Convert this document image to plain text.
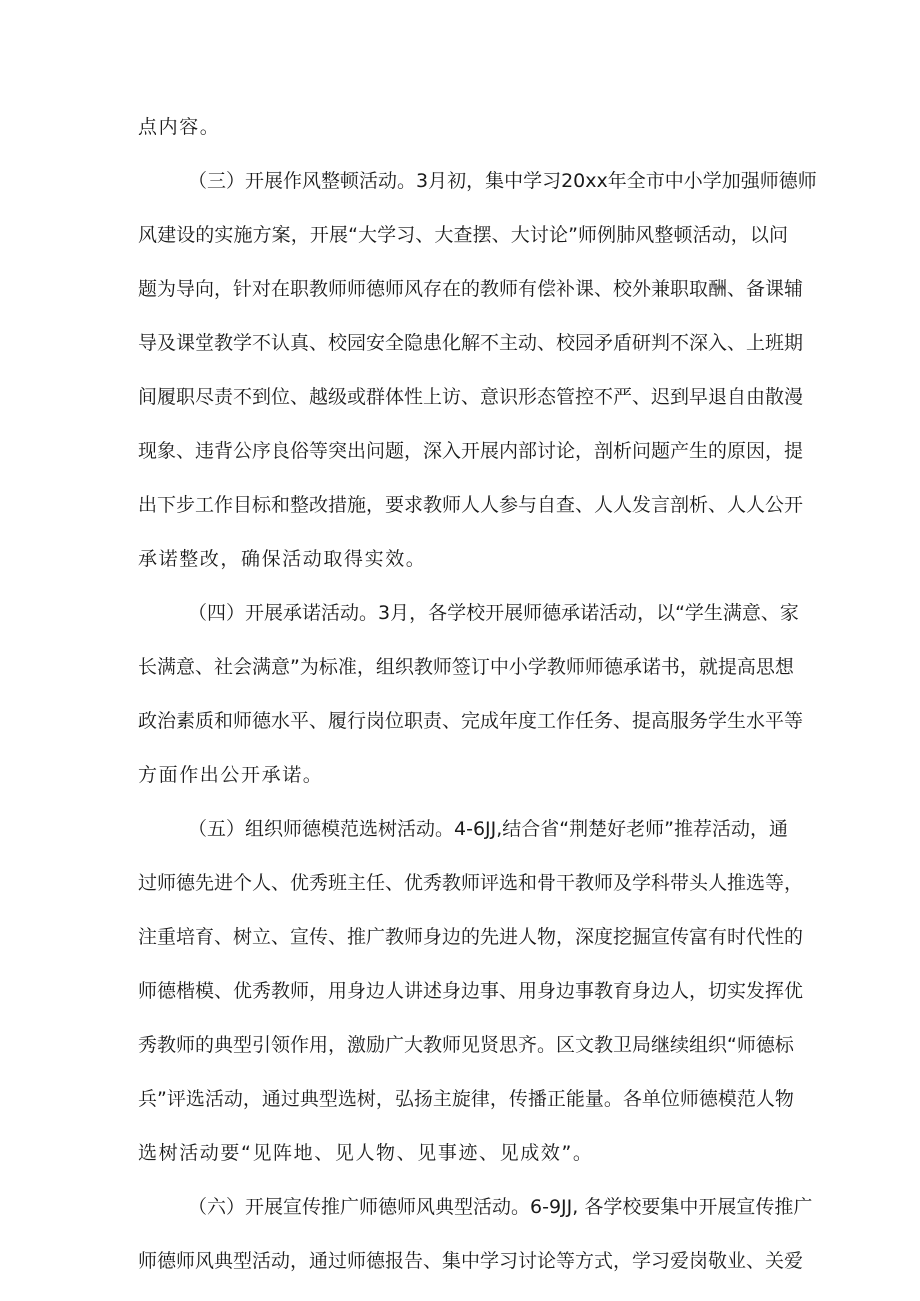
点内容。
（三）开展作风整顿活动。3月初，集中学习20xx年全市中小学加强师德师
风建设的实施方案，开展“大学习、大查摆、大讨论”师例肺风整顿活动，以问
题为导向，针对在职教师师德师风存在的教师有偿补课、校外兼职取酬、备课辅
导及课堂教学不认真、校园安全隐患化解不主动、校园矛盾研判不深入、上班期
间履职尽责不到位、越级或群体性上访、意识形态管控不严、迟到早退自由散漫
现象、违背公序良俗等突出问题，深入开展内部讨论，剖析问题产生的原因，提
出下步工作目标和整改措施，要求教师人人参与自查、人人发言剖析、人人公开
承诺整改，确保活动取得实效。
（四）开展承诺活动。3月，各学校开展师德承诺活动，以“学生满意、家
长满意、社会满意”为标准，组织教师签订中小学教师师德承诺书，就提高思想
政治素质和师德水平、履行岗位职责、完成年度工作任务、提高服务学生水平等
方面作出公开承诺。
（五）组织师德模范选树活动。4-6JJ,结合省“荆楚好老师”推荐活动，通
过师德先进个人、优秀班主任、优秀教师评选和骨干教师及学科带头人推选等，
注重培育、树立、宣传、推广教师身边的先进人物，深度挖掘宣传富有时代性的
师德楷模、优秀教师，用身边人讲述身边事、用身边事教育身边人，切实发挥优
秀教师的典型引领作用，激励广大教师见贤思齐。区文教卫局继续组织“师德标
兵”评选活动，通过典型选树，弘扬主旋律，传播正能量。各单位师德模范人物
选树活动要“见阵地、见人物、见事迹、见成效”。
（六）开展宣传推广师德师风典型活动。6-9JJ, 各学校要集中开展宣传推广
师德师风典型活动，通过师德报告、集中学习讨论等方式，学习爱岗敬业、关爱
